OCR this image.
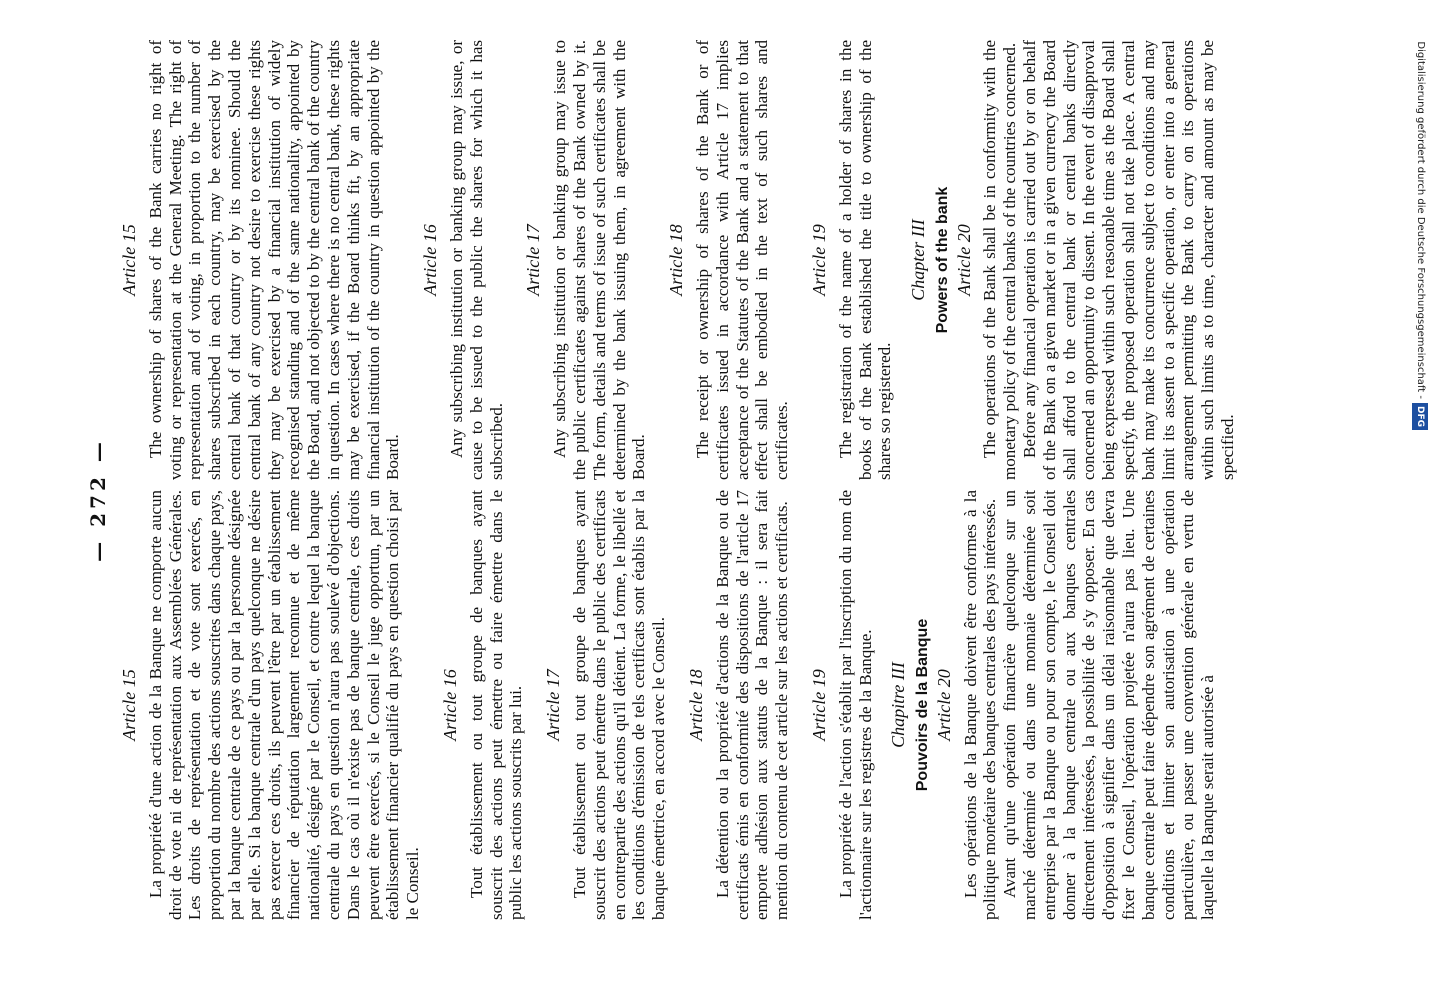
— 272 —

Article 15 La propriété d'une action de la Banque ne comporte aucun droit de vote ni de représentation aux Assemblées Générales. Les droits de représentation et de vote sont exercés, en proportion du nombre des actions souscrites dans chaque pays, par la banque centrale de ce pays ou par la personne désignée par elle. Si la banque centrale d'un pays quelconque ne désire pas exercer ces droits, ils peuvent l'être par un établissement financier de réputation largement reconnue et de même nationalité, désigné par le Conseil, et contre lequel la banque centrale du pays en question n'aura pas soulevé d'objections. Dans le cas où il n'existe pas de banque centrale, ces droits peuvent être exercés, si le Conseil le juge opportun, par un établissement financier qualifié du pays en question choisi par le Conseil.

Article 16 Tout établissement ou tout groupe de banques ayant souscrit des actions peut émettre ou faire émettre dans le public les actions souscrits par lui. Article 17 Tout établissement ou tout groupe de banques ayant souscrit des actions peut émettre dans le public des certificats en contrepartie des actions qu'il détient. La forme, le libellé et les conditions d'émission de tels certificats sont établis par la banque émettrice, en accord avec le Conseil. Article 18 La détention ou la propriété d'actions de la Banque ou de certificats émis en conformité des dispositions de l'article 17 emporte adhésion aux statuts de la Banque : il sera fait mention du contenu de cet article sur les actions et certificats. Article 19 La propriété de l'action s'établit par l'inscription du nom de l'actionnaire sur les registres de la Banque. Chapitre III Pouvoirs de la Banque Article 20 Les opérations de la Banque doivent être conformes à la politique monétaire des banques centrales des pays intéressés. Avant qu'une opération financière quelconque sur un marché déterminé ou dans une monnaie déterminée soit entreprise par la Banque ou pour son compte, le Conseil doit donner à la banque centrale ou aux banques centrales directement intéressées, la possibilité de s'y opposer. En cas d'opposition à signifier dans un délai raisonnable que devra fixer le Conseil, l'opération projetée n'aura pas lieu. Une banque centrale peut faire dépendre son agrément de certaines conditions et limiter son autorisation à une opération particulière, ou passer une convention générale en vertu de laquelle la Banque serait autorisée à

Article 15 The ownership of shares of the Bank carries no right of voting or representation at the General Meeting. The right of representation and of voting, in proportion to the number of shares subscribed in each country, may be exercised by the central bank of that country or by its nominee. Should the central bank of any country not desire to exercise these rights they may be exercised by a financial institution of widely recognised standing and of the same nationality, appointed by the Board, and not objected to by the central bank of the country in question. In cases where there is no central bank, these rights may be exercised, if the Board thinks fit, by an appropriate financial institution of the country in question appointed by the Board.

Article 16 Any subscribing institution or banking group may issue, or cause to be issued to the public the shares for which it has subscribed.

Article 17 Any subscribing institution or banking group may issue to the public certificates against shares of the Bank owned by it. The form, details and terms of issue of such certificates shall be determined by the bank issuing them, in agreement with the Board.

Article 18 The receipt or ownership of shares of the Bank or of certificates issued in accordance with Article 17 implies acceptance of the Statutes of the Bank and a statement to that effect shall be embodied in the text of such shares and certificates.

Article 19 The registration of the name of a holder of shares in the books of the Bank established the title to ownership of the shares so registered.

Chapter III Powers of the bank Article 20 The operations of the Bank shall be in conformity with the monetary policy of the central banks of the countries concerned. Before any financial operation is carried out by or on behalf of the Bank on a given market or in a given currency the Board shall afford to the central bank or central banks directly concerned an opportunity to dissent. In the event of disapproval being expressed within such reasonable time as the Board shall specify, the proposed operation shall not take place. A central bank may make its concurrence subject to conditions and may limit its assent to a specific operation, or enter into a general arrangement permitting the Bank to carry on its operations within such limits as to time, character and amount as may be specified.

Digitalisierung gefördert durch die Deutsche Forschungsgemeinschaft -DFG
